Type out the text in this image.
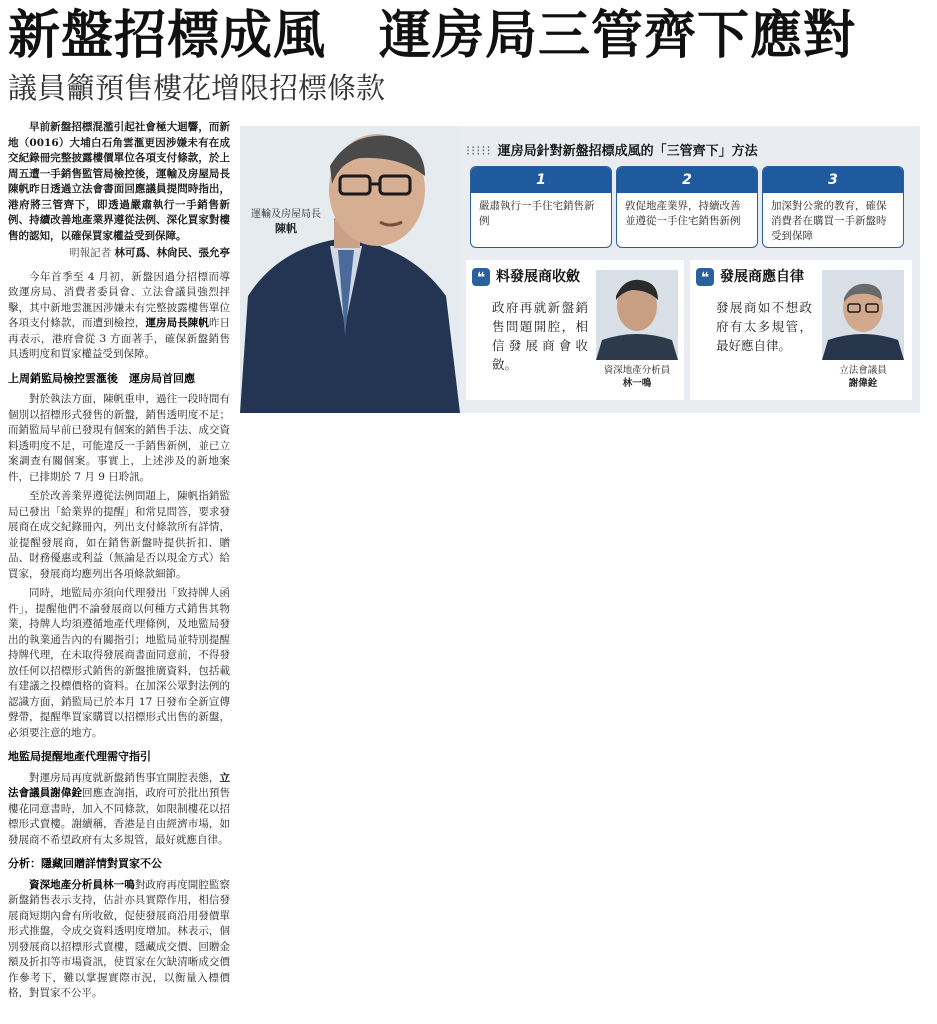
新盤招標成風　運房局三管齊下應對
議員籲預售樓花增限招標條款

早前新盤招標混濫引起社會極大迴響，而新地（0016）大埔白石角雲滙更因涉嫌未有在成交紀錄冊完整披露樓價單位各項支付條款，於上周五遭一手銷售監管局檢控後，運輸及房屋局長陳帆昨日透過立法會書面回應議員提問時指出，港府將三管齊下，即透過嚴肅執行一手銷售新例、持續改善地產業界遵從法例、深化買家對樓售的認知，以確保買家權益受到保障。

明報記者 林可爲、林尙民、張允亭

今年首季至 4 月初，新盤因過分招標而導致運房局、消費者委員會、立法會議員強烈抨擊，其中新地雲滙因涉嫌未有完整披露樓售單位各項支付條款，而遭到檢控，運房局長陳帆昨日再表示，港府會從 3 方面著手，確保新盤銷售具透明度和買家權益受到保障。

上周銷監局檢控雲滙後　運房局首回應

對於執法方面，陳帆重申，過往一段時間有個別以招標形式發售的新盤，銷售透明度不足；而銷監局早前已發現有個案的銷售手法、成交資料透明度不足，可能違反一手銷售新例，並已立案調查有關個案。事實上，上述涉及的新地案件，已排期於 7 月 9 日聆訊。

至於改善業界遵從法例問題上，陳帆指銷監局已發出「給業界的提醒」和常見問答，要求發展商在成交紀錄冊內，列出支付條款所有詳情，並提醒發展商，如在銷售新盤時提供折扣、贈品、財務優惠或利益（無論是否以現金方式）給買家，發展商均應列出各項條款細節。

同時，地監局亦須向代理發出「致持牌人函件」，提醒他們不論發展商以何種方式銷售其物業，持牌人均須遵循地產代理條例，及地監局發出的執業通告內的有關指引；地監局並特別提醒持牌代理，在未取得發展商書面同意前，不得發放任何以招標形式銷售的新盤推廣資料，包括載有建議之投標價格的資料。在加深公眾對法例的認識方面，銷監局已於本月 17 日發布全新宣傳聲帶，提醒準買家購買以招標形式出售的新盤，必須要注意的地方。

地監局提醒地產代理需守指引

對運房局再度就新盤銷售事宜開腔表態，立法會議員謝偉銓回應查詢指，政府可於批出預售樓花同意書時，加入不同條款，如限制樓花以招標形式賣樓。謝續稱，香港是自由經濟市場，如發展商不希望政府有太多規管，最好就應自律。

分析：隱藏回贈詳情對買家不公

資深地產分析員林一鳴對政府再度開腔監察新盤銷售表示支持，估計亦具實際作用，相信發展商短期內會有所收斂，促使發展商沿用發價單形式推盤，令成交資料透明度增加。林表示，個別發展商以招標形式賣樓，隱藏成交價、回贈金額及折扣等市場資訊，使買家在欠缺清晰成交價作參考下，難以掌握實際市況，以衡量入標價格，對買家不公平。

運輸及房屋局長
陳帆
⁝⁝⁝⁝⁝ 運房局針對新盤招標成風的「三管齊下」方法
1
嚴肅執行一手住宅銷售新例
2
敦促地產業界，持續改善並遵從一手住宅銷售新例
3
加深對公衆的教育，確保消費者在購買一手新盤時受到保障
❝ 料發展商收斂
政府再就新盤銷售問題開腔，相信發展商會收斂。	資深地產分析員
林一鳴
❝ 發展商應自律
發展商如不想政府有太多規管，最好應自律。
立法會議員
謝偉銓
